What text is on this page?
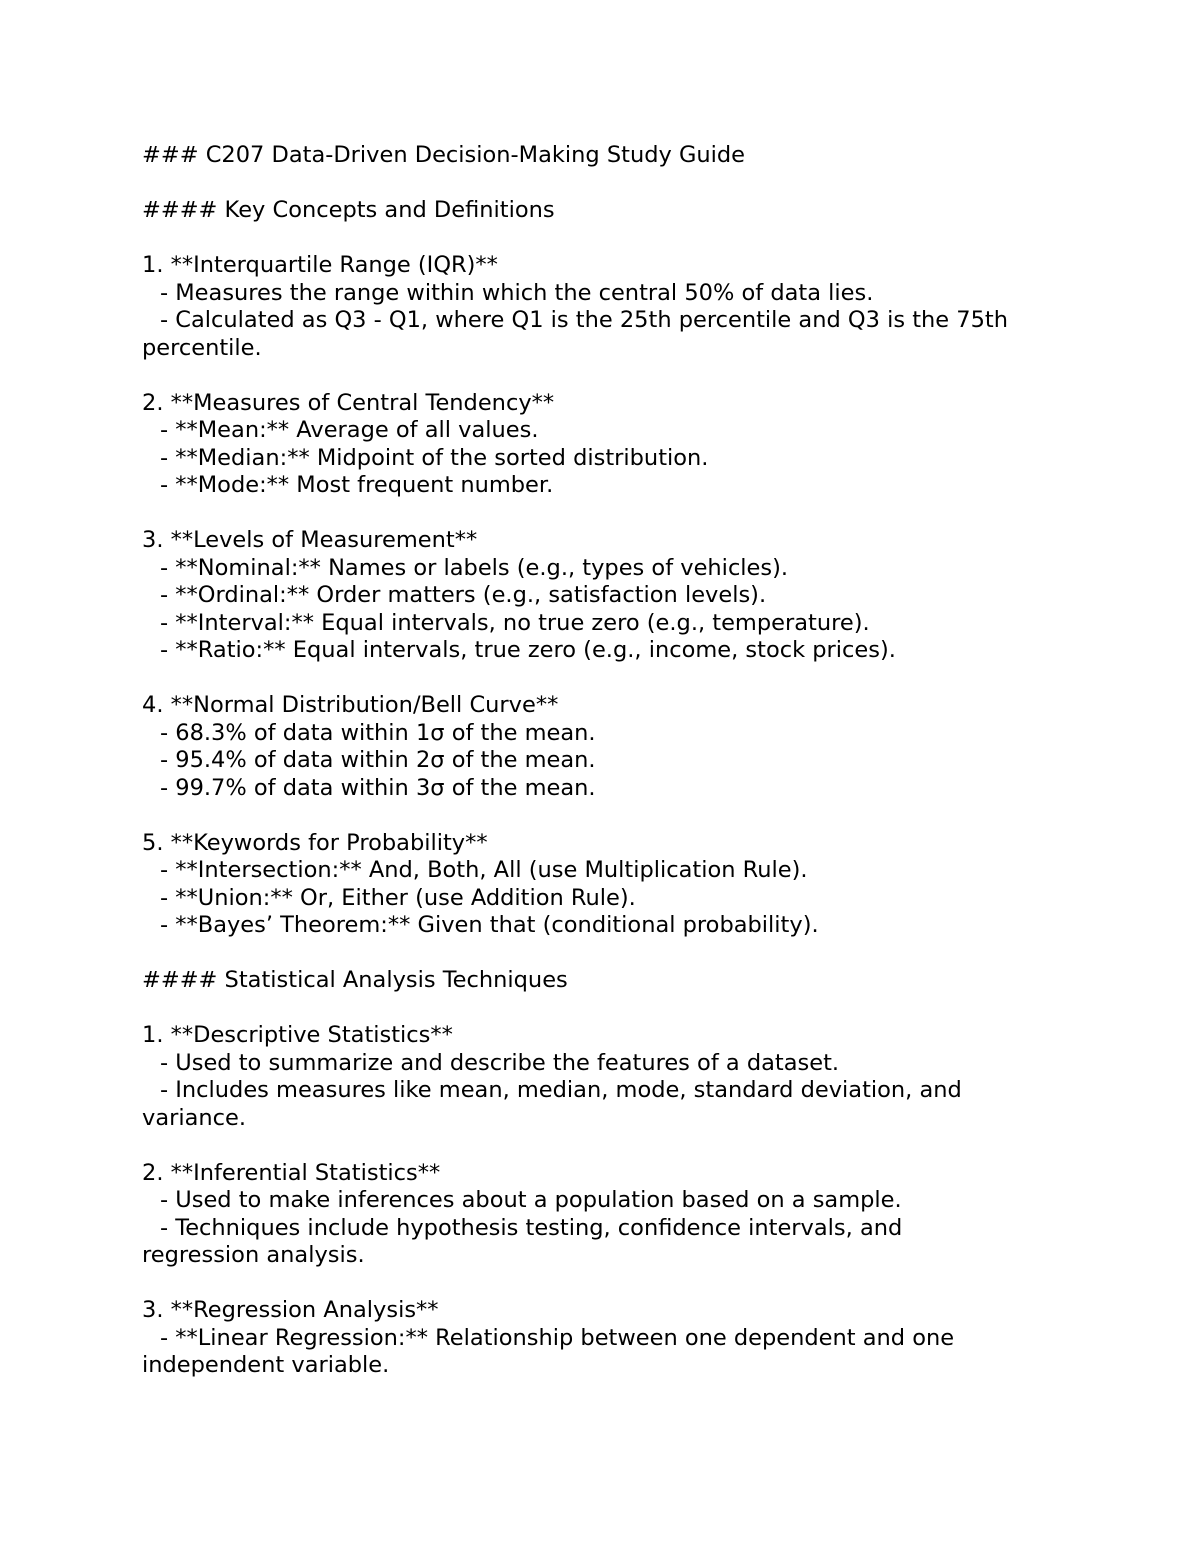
### C207 Data-Driven Decision-Making Study Guide
#### Key Concepts and Definitions
1. **Interquartile Range (IQR)**
- Measures the range within which the central 50% of data lies.
- Calculated as Q3 - Q1, where Q1 is the 25th percentile and Q3 is the 75th
percentile.
2. **Measures of Central Tendency**
- **Mean:** Average of all values.
- **Median:** Midpoint of the sorted distribution.
- **Mode:** Most frequent number.
3. **Levels of Measurement**
- **Nominal:** Names or labels (e.g., types of vehicles).
- **Ordinal:** Order matters (e.g., satisfaction levels).
- **Interval:** Equal intervals, no true zero (e.g., temperature).
- **Ratio:** Equal intervals, true zero (e.g., income, stock prices).
4. **Normal Distribution/Bell Curve**
- 68.3% of data within 1σ of the mean.
- 95.4% of data within 2σ of the mean.
- 99.7% of data within 3σ of the mean.
5. **Keywords for Probability**
- **Intersection:** And, Both, All (use Multiplication Rule).
- **Union:** Or, Either (use Addition Rule).
- **Bayes’ Theorem:** Given that (conditional probability).
#### Statistical Analysis Techniques
1. **Descriptive Statistics**
- Used to summarize and describe the features of a dataset.
- Includes measures like mean, median, mode, standard deviation, and
variance.
2. **Inferential Statistics**
- Used to make inferences about a population based on a sample.
- Techniques include hypothesis testing, confidence intervals, and
regression analysis.
3. **Regression Analysis**
- **Linear Regression:** Relationship between one dependent and one
independent variable.
